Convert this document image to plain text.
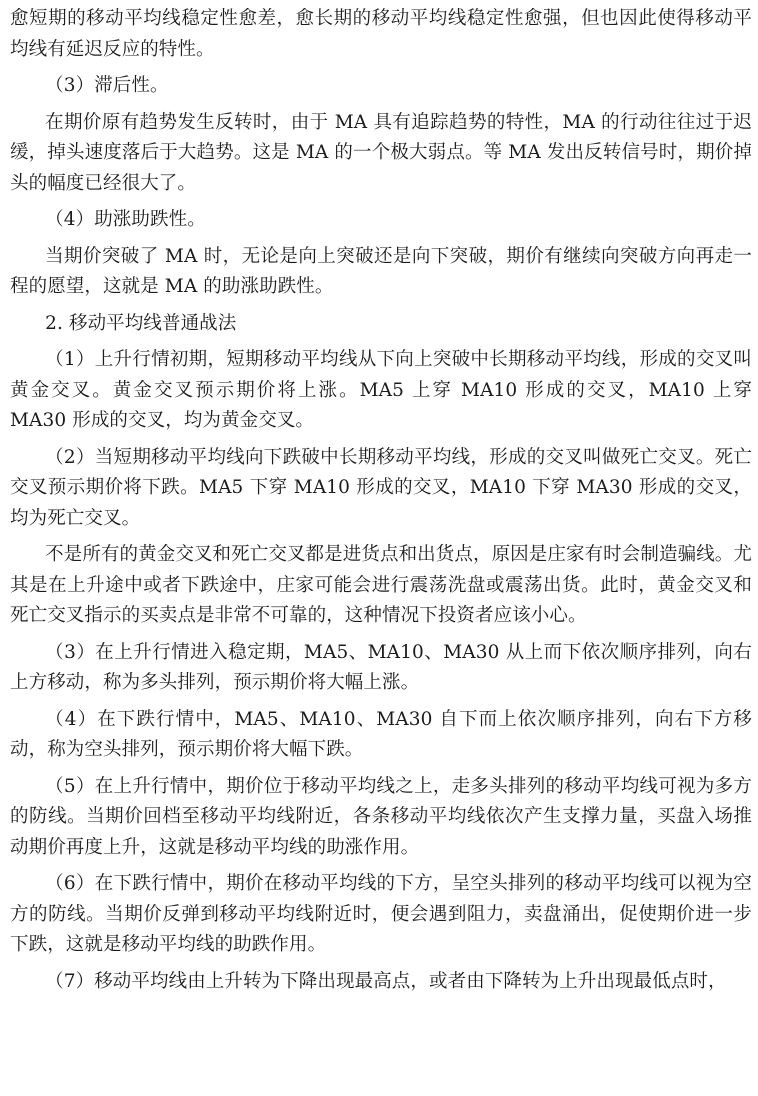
愈短期的移动平均线稳定性愈差，愈长期的移动平均线稳定性愈强，但也因此使得移动平均线有延迟反应的特性。

（3）滞后性。

在期价原有趋势发生反转时，由于 MA 具有追踪趋势的特性，MA 的行动往往过于迟缓，掉头速度落后于大趋势。这是 MA 的一个极大弱点。等 MA 发出反转信号时，期价掉头的幅度已经很大了。

（4）助涨助跌性。

当期价突破了 MA 时，无论是向上突破还是向下突破，期价有继续向突破方向再走一程的愿望，这就是 MA 的助涨助跌性。

2. 移动平均线普通战法

（1）上升行情初期，短期移动平均线从下向上突破中长期移动平均线，形成的交叉叫黄金交叉。黄金交叉预示期价将上涨。MA5 上穿 MA10 形成的交叉，MA10 上穿 MA30 形成的交叉，均为黄金交叉。

（2）当短期移动平均线向下跌破中长期移动平均线，形成的交叉叫做死亡交叉。死亡交叉预示期价将下跌。MA5 下穿 MA10 形成的交叉，MA10 下穿 MA30 形成的交叉，均为死亡交叉。

不是所有的黄金交叉和死亡交叉都是进货点和出货点，原因是庄家有时会制造骗线。尤其是在上升途中或者下跌途中，庄家可能会进行震荡洗盘或震荡出货。此时，黄金交叉和死亡交叉指示的买卖点是非常不可靠的，这种情况下投资者应该小心。

（3）在上升行情进入稳定期，MA5、MA10、MA30 从上而下依次顺序排列，向右上方移动，称为多头排列，预示期价将大幅上涨。

（4）在下跌行情中，MA5、MA10、MA30 自下而上依次顺序排列，向右下方移动，称为空头排列，预示期价将大幅下跌。

（5）在上升行情中，期价位于移动平均线之上，走多头排列的移动平均线可视为多方的防线。当期价回档至移动平均线附近，各条移动平均线依次产生支撑力量，买盘入场推动期价再度上升，这就是移动平均线的助涨作用。

（6）在下跌行情中，期价在移动平均线的下方，呈空头排列的移动平均线可以视为空方的防线。当期价反弹到移动平均线附近时，便会遇到阻力，卖盘涌出，促使期价进一步下跌，这就是移动平均线的助跌作用。

（7）移动平均线由上升转为下降出现最高点，或者由下降转为上升出现最低点时，
